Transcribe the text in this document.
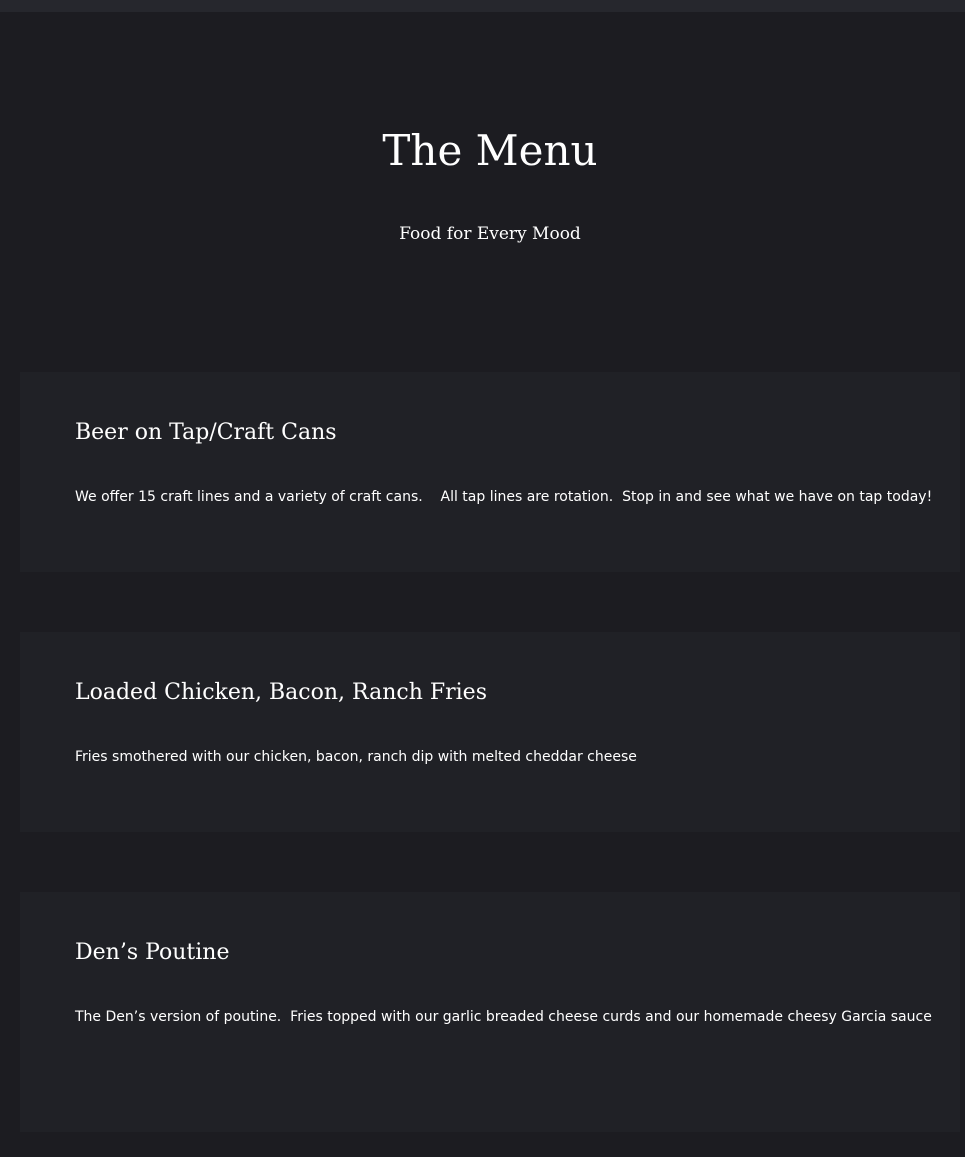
The Menu
Food for Every Mood
Beer on Tap/Craft Cans

We offer 15 craft lines and a variety of craft cans.    All tap lines are rotation.  Stop in and see what we have on tap today!

Loaded Chicken, Bacon, Ranch Fries

Fries smothered with our chicken, bacon, ranch dip with melted cheddar cheese

Den’s Poutine

The Den’s version of poutine.  Fries topped with our garlic breaded cheese curds and our homemade cheesy Garcia sauce
